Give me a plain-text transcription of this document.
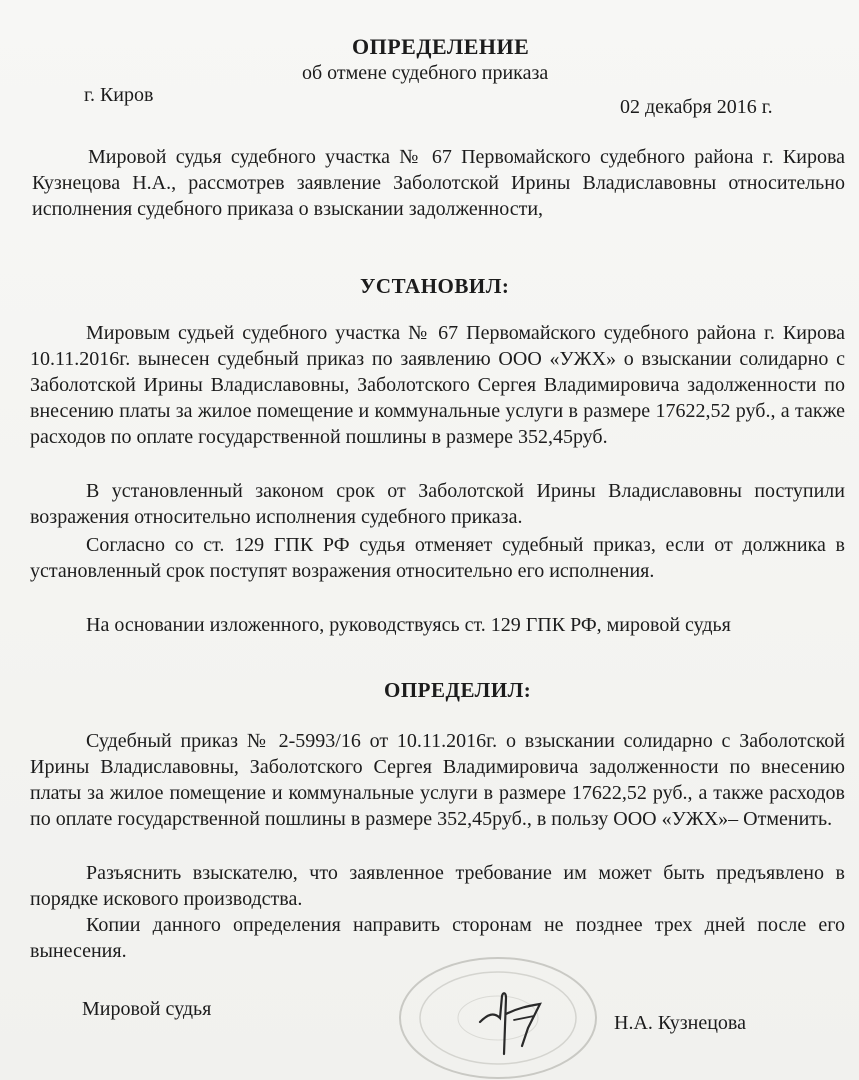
ОПРЕДЕЛЕНИЕ
об отмене судебного приказа
г. Киров
02 декабря 2016 г.
Мировой судья судебного участка № 67 Первомайского судебного района г. Кирова Кузнецова Н.А., рассмотрев заявление Заболотской Ирины Владиславовны относительно исполнения судебного приказа о взыскании задолженности,
УСТАНОВИЛ:
Мировым судьей судебного участка № 67 Первомайского судебного района г. Кирова 10.11.2016г. вынесен судебный приказ по заявлению ООО «УЖХ» о взыскании солидарно с Заболотской Ирины Владиславовны, Заболотского Сергея Владимировича задолженности по внесению платы за жилое помещение и коммунальные услуги в размере 17622,52 руб., а также расходов по оплате государственной пошлины в размере 352,45руб.
В установленный законом срок от Заболотской Ирины Владиславовны поступили возражения относительно исполнения судебного приказа.
Согласно со ст. 129 ГПК РФ судья отменяет судебный приказ, если от должника в установленный срок поступят возражения относительно его исполнения.
На основании изложенного, руководствуясь ст. 129 ГПК РФ, мировой судья
ОПРЕДЕЛИЛ:
Судебный приказ № 2-5993/16 от 10.11.2016г. о взыскании солидарно с Заболотской Ирины Владиславовны, Заболотского Сергея Владимировича задолженности по внесению платы за жилое помещение и коммунальные услуги в размере 17622,52 руб., а также расходов по оплате государственной пошлины в размере 352,45руб., в пользу ООО «УЖХ»– Отменить.
Разъяснить взыскателю, что заявленное требование им может быть предъявлено в порядке искового производства.
Копии данного определения направить сторонам не позднее трех дней после его вынесения.
Мировой судья
Н.А. Кузнецова
